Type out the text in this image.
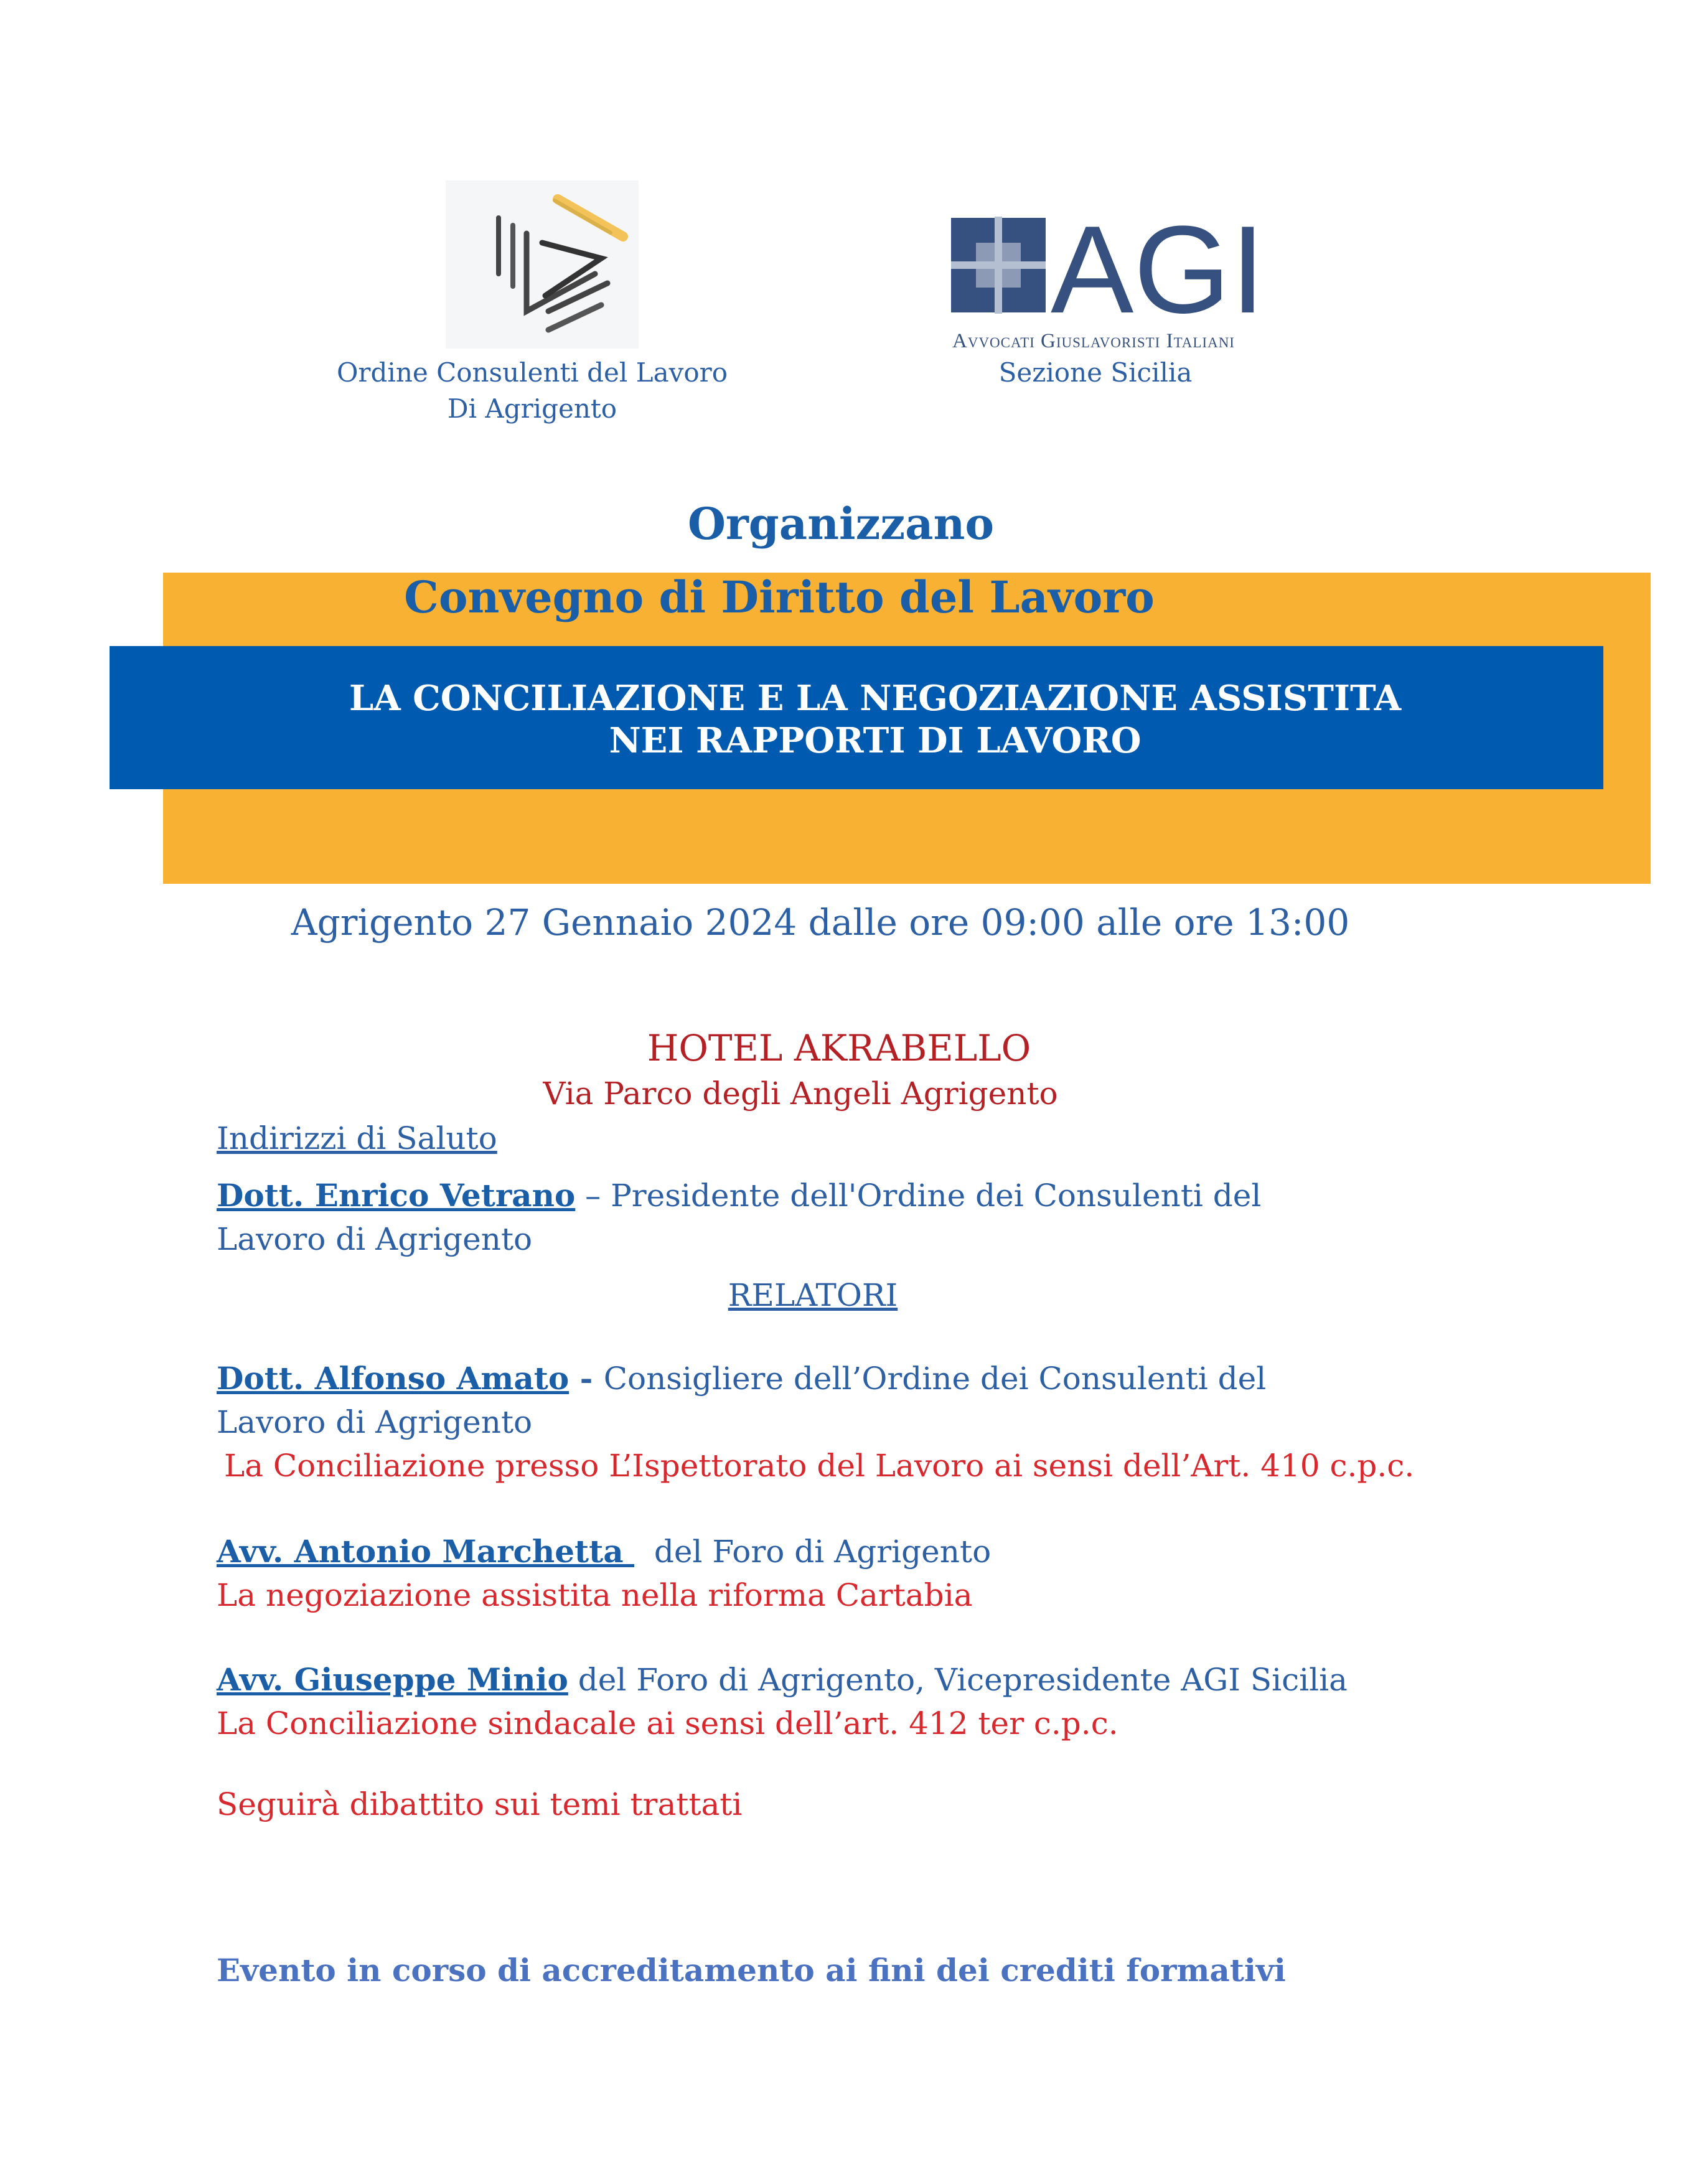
Ordine Consulenti del Lavoro
Di Agrigento
AGI
Avvocati Giuslavoristi Italiani
Sezione Sicilia
Organizzano
Convegno di Diritto del Lavoro
LA CONCILIAZIONE E LA NEGOZIAZIONE ASSISTITA
NEI RAPPORTI DI LAVORO
Agrigento 27 Gennaio 2024 dalle ore 09:00 alle ore 13:00
HOTEL AKRABELLO
Via Parco degli Angeli Agrigento
Indirizzi di Saluto
Dott. Enrico Vetrano – Presidente dell'Ordine dei Consulenti del Lavoro di Agrigento
RELATORI
Dott. Alfonso Amato - Consigliere dell’Ordine dei Consulenti del Lavoro di Agrigento
La Conciliazione presso L’Ispettorato del Lavoro ai sensi dell’Art. 410 c.p.c.
Avv. Antonio Marchetta   del Foro di Agrigento
La negoziazione assistita nella riforma Cartabia
Avv. Giuseppe Minio del Foro di Agrigento, Vicepresidente AGI Sicilia
La Conciliazione sindacale ai sensi dell’art. 412 ter c.p.c.
Seguirà dibattito sui temi trattati
Evento in corso di accreditamento ai fini dei crediti formativi
